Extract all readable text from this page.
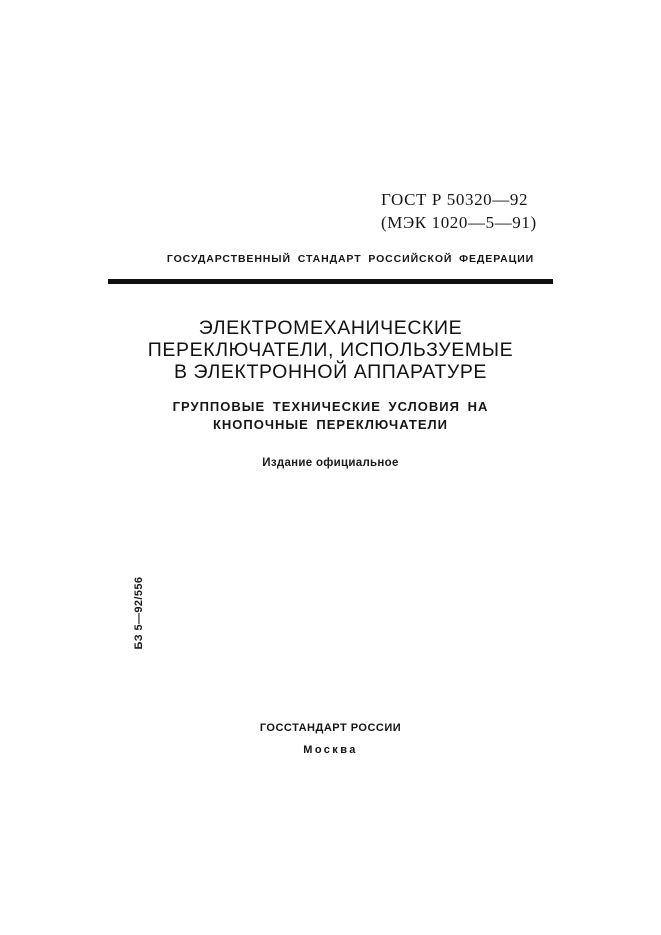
ГОСТ Р 50320—92
(МЭК 1020—5—91)
ГОСУДАРСТВЕННЫЙ СТАНДАРТ РОССИЙСКОЙ ФЕДЕРАЦИИ
ЭЛЕКТРОМЕХАНИЧЕСКИЕ
ПЕРЕКЛЮЧАТЕЛИ, ИСПОЛЬЗУЕМЫЕ
В ЭЛЕКТРОННОЙ АППАРАТУРЕ
ГРУППОВЫЕ ТЕХНИЧЕСКИЕ УСЛОВИЯ НА
КНОПОЧНЫЕ ПЕРЕКЛЮЧАТЕЛИ
Издание официальное
БЗ 5—92/556
ГОССТАНДАРТ РОССИИ
Москва
